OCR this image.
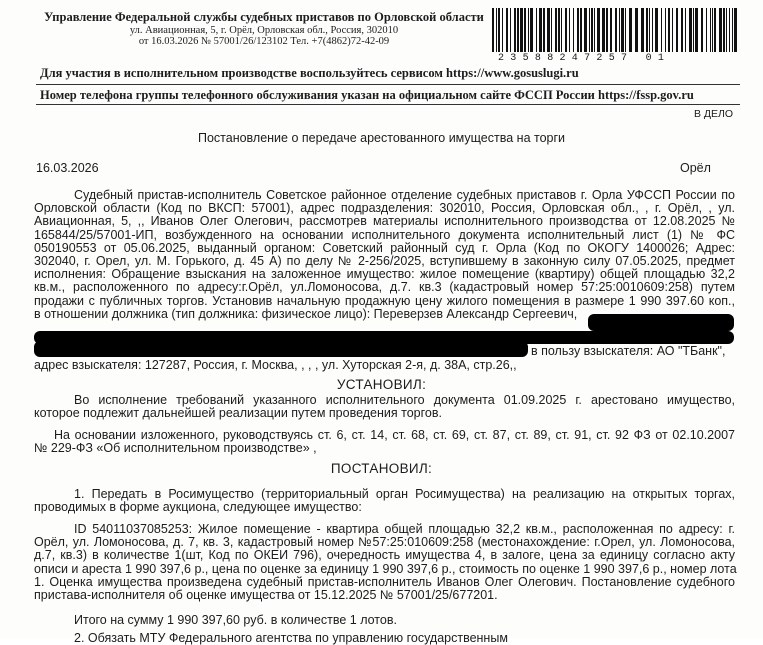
Управление Федеральной службы судебных приставов по Орловской области
ул. Авиационная, 5, г. Орёл, Орловская обл., Россия, 302010
от 16.03.2026 № 57001/26/123102 Тел. +7(4862)72-42-09
23588247257 01
Для участия в исполнительном производстве воспользуйтесь сервисом https://www.gosuslugi.ru
Номер телефона группы телефонного обслуживания указан на официальном сайте ФССП России https://fssp.gov.ru
В ДЕЛО
Постановление о передаче арестованного имущества на торги
16.03.2026	Орёл
Судебный пристав-исполнитель Советское районное отделение судебных приставов г. Орла УФССП России по
Орловской области (Код по ВКСП: 57001), адрес подразделения: 302010, Россия, Орловская обл., , г. Орёл, , ул.
Авиационная, 5, ,, Иванов Олег Олегович, рассмотрев материалы исполнительного производства от 12.08.2025 №
165844/25/57001-ИП, возбужденного на основании исполнительного документа исполнительный лист (1) № ФС
050190553 от 05.06.2025, выданный органом: Советский районный суд г. Орла (Код по ОКОГУ 1400026; Адрес:
302040, г. Орел, ул. М. Горького, д. 45 А) по делу № 2-256/2025, вступившему в законную силу 07.05.2025, предмет
исполнения: Обращение взыскания на заложенное имущество: жилое помещение (квартиру) общей площадью 32,2
кв.м., расположенного по адресу:г.Орёл, ул.Ломоносова, д.7. кв.3 (кадастровый номер 57:25:0010609:258) путем
продажи с публичных торгов. Установив начальную продажную цену жилого помещения в размере 1 990 397.60 коп.,
в отношении должника (тип должника: физическое лицо): Переверзев Александр Сергеевич,
в пользу взыскателя: АО "ТБанк",
адрес взыскателя: 127287, Россия, г. Москва, , , , ул. Хуторская 2-я, д. 38А, стр.26,,
УСТАНОВИЛ:
Во исполнение требований указанного исполнительного документа 01.09.2025 г. арестовано имущество,
которое подлежит дальнейшей реализации путем проведения торгов.
На основании изложенного, руководствуясь ст. 6, ст. 14, ст. 68, ст. 69, ст. 87, ст. 89, ст. 91, ст. 92 ФЗ от 02.10.2007
№ 229-ФЗ «Об исполнительном производстве» ,
ПОСТАНОВИЛ:
1. Передать в Росимущество (территориальный орган Росимущества) на реализацию на открытых торгах,
проводимых в форме аукциона, следующее имущество:
ID 54011037085253: Жилое помещение - квартира общей площадью 32,2 кв.м., расположенная по адресу: г.
Орёл, ул. Ломоносова, д. 7, кв. 3, кадастровый номер №57:25:010609:258 (местонахождение: г.Орел, ул. Ломоносова,
д.7, кв.3) в количестве 1(шт, Код по ОКЕИ 796), очередность имущества 4, в залоге, цена за единицу согласно акту
описи и ареста 1 990 397,6 р., цена по оценке за единицу 1 990 397,6 р., стоимость по оценке 1 990 397,6 р., номер лота
1. Оценка имущества произведена судебный пристав-исполнитель Иванов Олег Олегович. Постановление судебного
пристава-исполнителя об оценке имущества от 15.12.2025 № 57001/25/677201.
Итого на сумму 1 990 397,60 руб. в количестве 1 лотов.
2. Обязать МТУ Федерального агентства по управлению государственным
